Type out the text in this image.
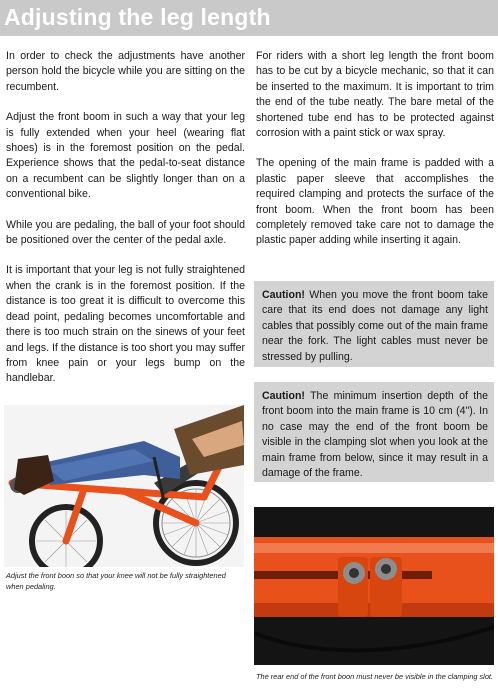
Adjusting the leg length

In order to check the adjustments have another person hold the bicycle while you are sitting on the recumbent.

Adjust the front boom in such a way that your leg is fully extended when your heel (wearing flat shoes) is in the foremost position on the pedal. Experience shows that the pedal-to-seat distance on a recumbent can be slightly longer than on a conventional bike.

While you are pedaling, the ball of your foot should be positioned over the center of the pedal axle.

It is important that your leg is not fully straightened when the crank is in the foremost position. If the distance is too great it is difficult to overcome this dead point, pedaling becomes uncomfortable and there is too much strain on the sinews of your feet and legs. If the distance is too short you may suffer from knee pain or your legs bump on the handlebar.

For riders with a short leg length the front boom has to be cut by a bicycle mechanic, so that it can be inserted to the maximum. It is important to trim the end of the tube neatly. The bare metal of the shortened tube end has to be protected against corrosion with a paint stick or wax spray.

The opening of the main frame is padded with a plastic paper sleeve that accomplishes the required clamping and protects the surface of the front boom. When the front boom has been completely removed take care not to damage the plastic paper adding while inserting it again.

Caution! When you move the front boom take care that its end does not damage any light cables that possibly come out of the main frame near the fork. The light cables must never be stressed by pulling.
Caution! The minimum insertion depth of the front boom into the main frame is 10 cm (4"). In no case may the end of the front boom be visible in the clamping slot when you look at the main frame from below, since it may result in a damage of the frame.
Adjust the front boon so that your knee will not be fully straightened when pedaling.
The rear end of the front boon must never be visible in the clamping slot.
